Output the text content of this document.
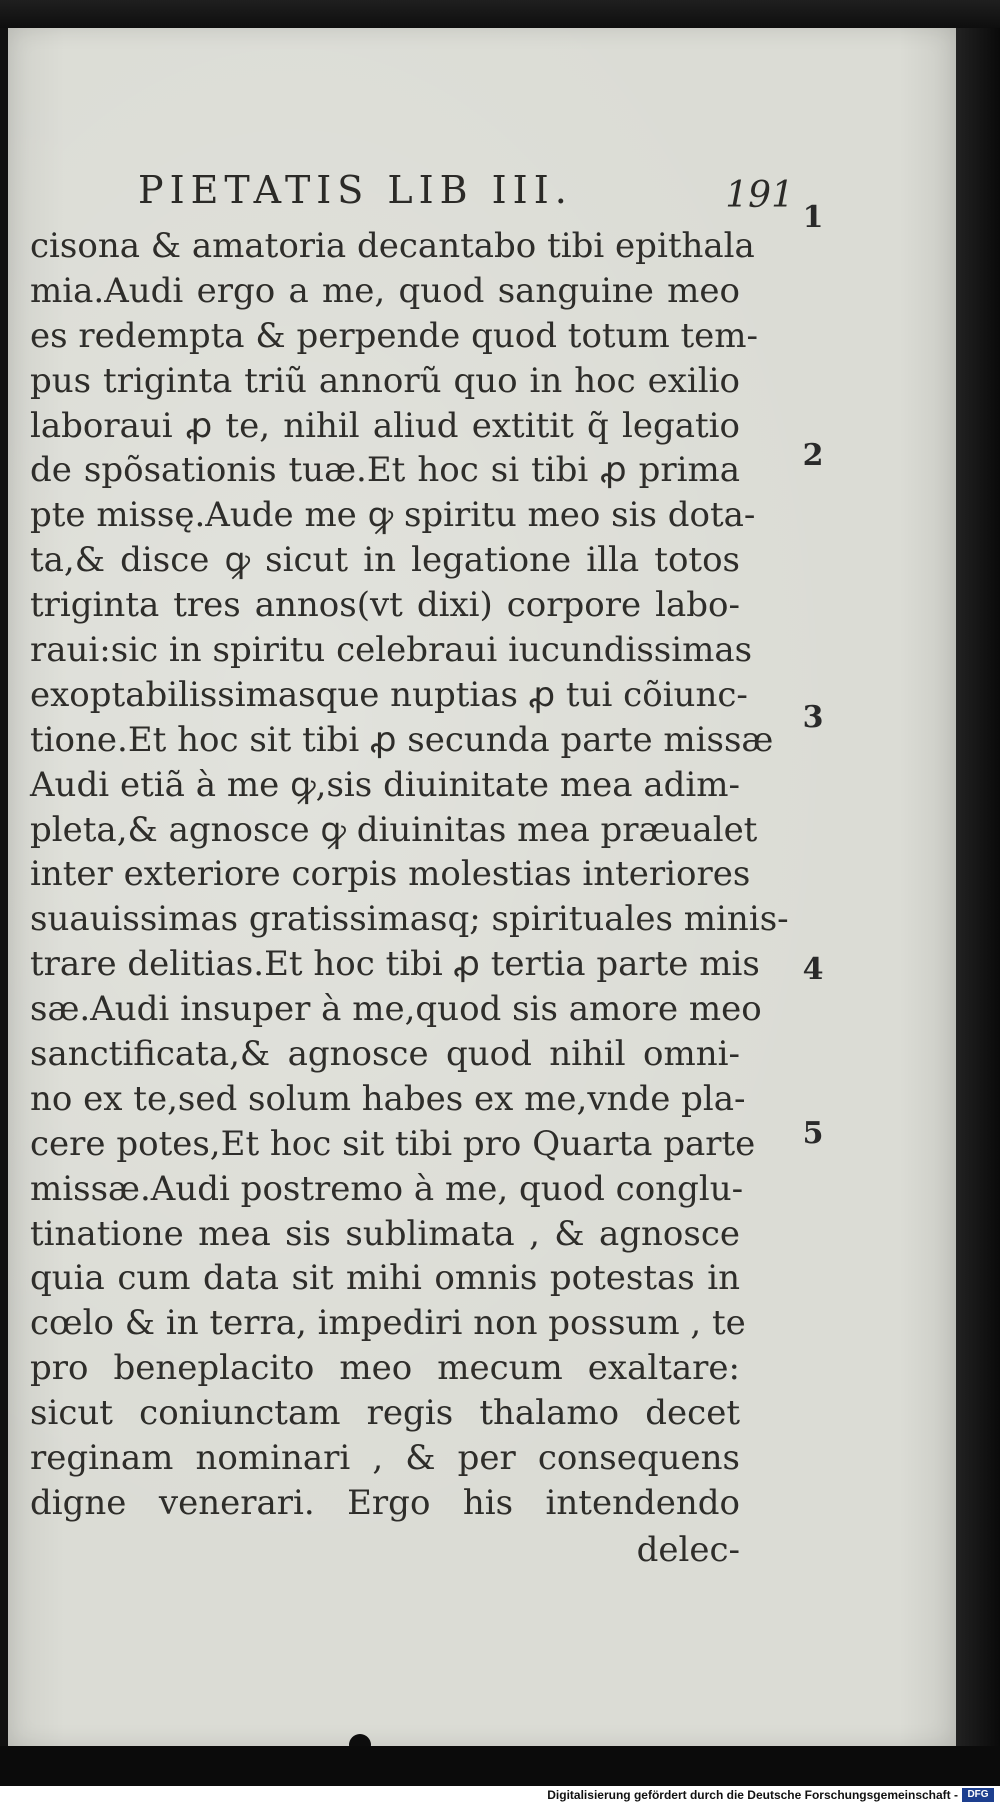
PIETATIS LIB III.	191
cisona & amatoria decantabo tibi epithala
mia.Audi ergo a me, quod sanguine meo
es redempta & perpende quod totum tem-
pus triginta triũ annorũ quo in hoc exilio
laboraui ꝓ te, nihil aliud extitit q̃ legatio
de spõsationis tuæ.Et hoc si tibi ꝓ prima
pte missę.Aude me ꝙ spiritu meo sis dota-
ta,& disce ꝙ sicut in legatione illa totos
triginta tres annos(vt dixi) corpore labo-
raui:sic in spiritu celebraui iucundissimas
exoptabilissimasque nuptias ꝓ tui cõiunc-
tione.Et hoc sit tibi ꝓ secunda parte missæ
Audi etiã à me ꝙ,sis diuinitate mea adim-
pleta,& agnosce ꝙ diuinitas mea præualet
inter exteriore corpis molestias interiores
suauissimas gratissimasq; spirituales minis-
trare delitias.Et hoc tibi ꝓ tertia parte mis
sæ.Audi insuper à me,quod sis amore meo
sanctificata,& agnosce quod nihil omni-
no ex te,sed solum habes ex me,vnde pla-
cere potes,Et hoc sit tibi pro Quarta parte
missæ.Audi postremo à me, quod conglu-
tinatione mea sis sublimata , & agnosce
quia cum data sit mihi omnis potestas in
cœlo & in terra, impediri non possum , te
pro beneplacito meo mecum exaltare:
sicut coniunctam regis thalamo decet
reginam nominari , & per consequens
digne venerari. Ergo his intendendo
delec-
1
2
3
4
5
Digitalisierung gefördert durch die Deutsche Forschungsgemeinschaft - DFG
